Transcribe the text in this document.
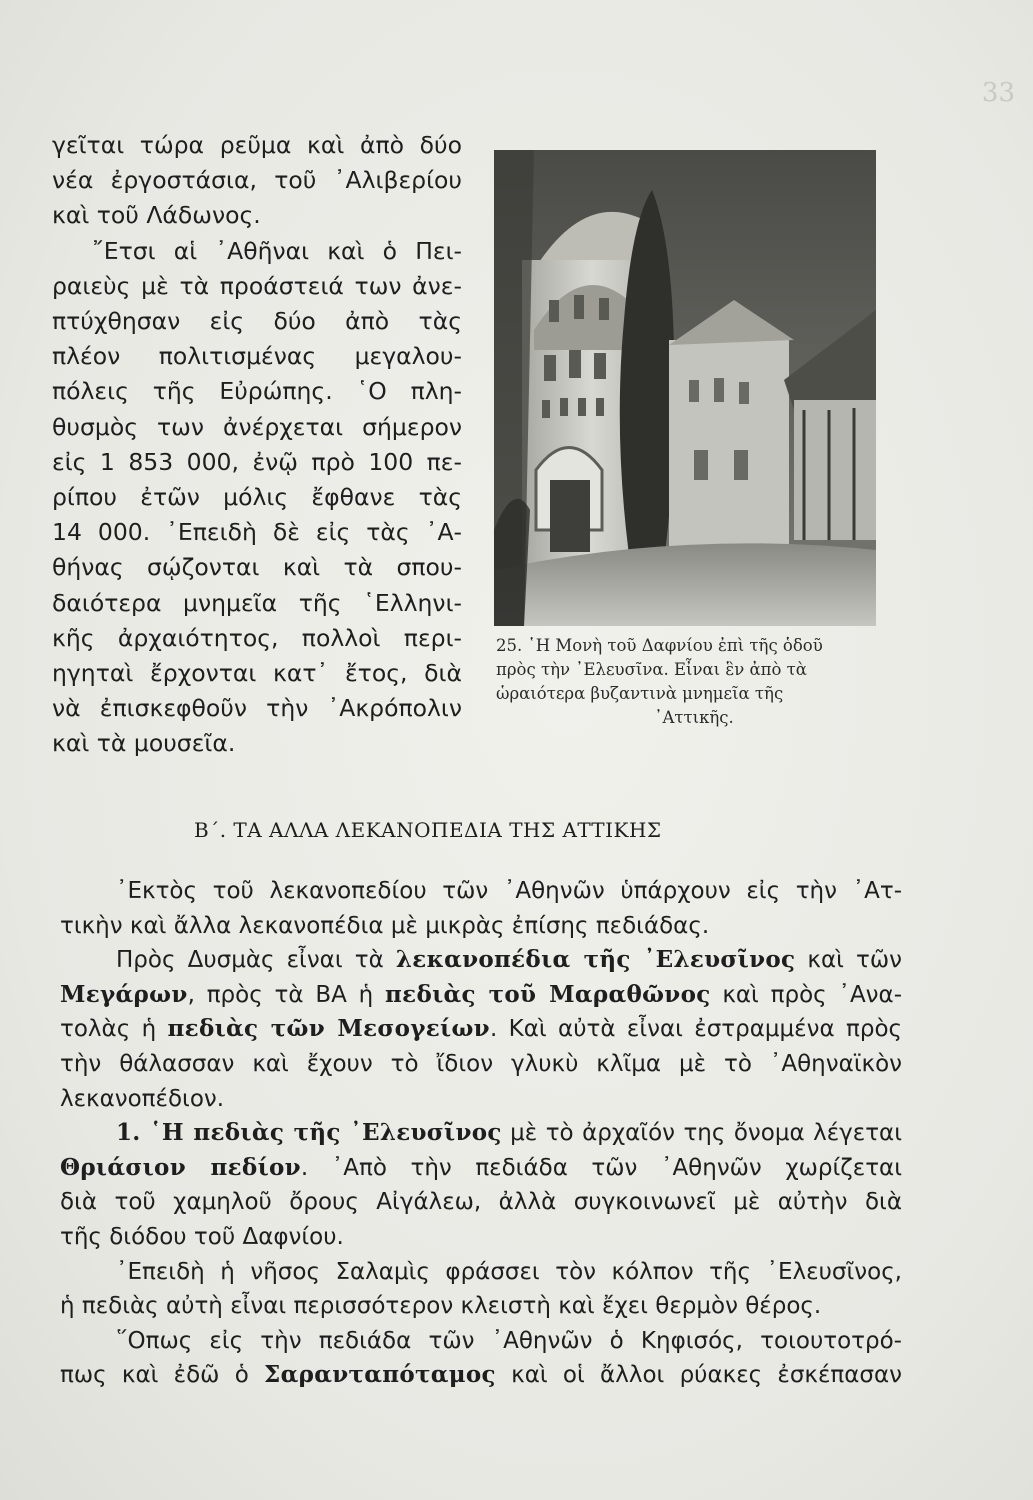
33
γεῖται τώρα ρεῦμα καὶ ἀπὸ δύο
νέα ἐργοστάσια, τοῦ ᾿Αλιβερίου
καὶ τοῦ Λάδωνος.
῎Ετσι αἱ ᾿Αθῆναι καὶ ὁ Πει-
ραιεὺς μὲ τὰ προάστειά των ἀνε-
πτύχθησαν εἰς δύο ἀπὸ τὰς
πλέον πολιτισμένας μεγαλου-
πόλεις τῆς Εὐρώπης. ῾Ο πλη-
θυσμὸς των ἀνέρχεται σήμερον
εἰς 1 853 000, ἐνῷ πρὸ 100 πε-
ρίπου ἐτῶν μόλις ἔφθανε τὰς
14 000. ᾿Επειδὴ δὲ εἰς τὰς ᾿Α-
θήνας σῴζονται καὶ τὰ σπου-
δαιότερα μνημεῖα τῆς ῾Ελληνι-
κῆς ἀρχαιότητος, πολλοὶ περι-
ηγηταὶ ἔρχονται κατ᾿ ἔτος, διὰ
νὰ ἐπισκεφθοῦν τὴν ᾿Ακρόπολιν
καὶ τὰ μουσεῖα.
25. ῾Η Μονὴ τοῦ Δαφνίου ἐπὶ τῆς ὁδοῦ
πρὸς τὴν ᾿Ελευσῖνα. Εἶναι ἓν ἀπὸ τὰ
ὡραιότερα βυζαντινὰ μνημεῖα τῆς
᾿Αττικῆς.
Β΄. ΤΑ ΑΛΛΑ ΛΕΚΑΝΟΠΕΔΙΑ ΤΗΣ ΑΤΤΙΚΗΣ
᾿Εκτὸς τοῦ λεκανοπεδίου τῶν ᾿Αθηνῶν ὑπάρχουν εἰς τὴν ᾿Ατ-
τικὴν καὶ ἄλλα λεκανοπέδια μὲ μικρὰς ἐπίσης πεδιάδας.
Πρὸς Δυσμὰς εἶναι τὰ λεκανοπέδια τῆς ᾿Ελευσῖνος καὶ τῶν
Μεγάρων, πρὸς τὰ ΒΑ ἡ πεδιὰς τοῦ Μαραθῶνος καὶ πρὸς ᾿Ανα-
τολὰς ἡ πεδιὰς τῶν Μεσογείων. Καὶ αὐτὰ εἶναι ἐστραμμένα πρὸς
τὴν θάλασσαν καὶ ἔχουν τὸ ἴδιον γλυκὺ κλῖμα μὲ τὸ ᾿Αθηναϊκὸν
λεκανοπέδιον.
1. ῾Η πεδιὰς τῆς ᾿Ελευσῖνος μὲ τὸ ἀρχαῖόν της ὄνομα λέγεται
Θριάσιον πεδίον. ᾿Απὸ τὴν πεδιάδα τῶν ᾿Αθηνῶν χωρίζεται
διὰ τοῦ χαμηλοῦ ὄρους Αἰγάλεω, ἀλλὰ συγκοινωνεῖ μὲ αὐτὴν διὰ
τῆς διόδου τοῦ Δαφνίου.
᾿Επειδὴ ἡ νῆσος Σαλαμὶς φράσσει τὸν κόλπον τῆς ᾿Ελευσῖνος,
ἡ πεδιὰς αὐτὴ εἶναι περισσότερον κλειστὴ καὶ ἔχει θερμὸν θέρος.
῞Οπως εἰς τὴν πεδιάδα τῶν ᾿Αθηνῶν ὁ Κηφισός, τοιουτοτρό-
πως καὶ ἐδῶ ὁ Σαρανταπόταμος καὶ οἱ ἄλλοι ρύακες ἐσκέπασαν
